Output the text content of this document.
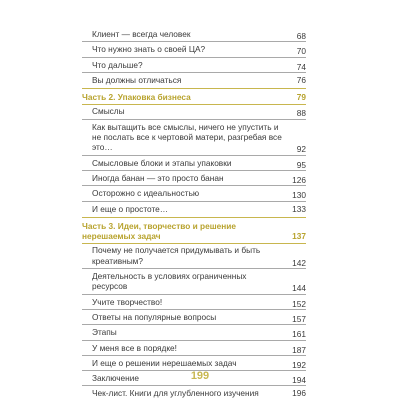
Клиент — всегда человек	68
Что нужно знать о своей ЦА?	70
Что дальше?	74
Вы должны отличаться	76
Часть 2. Упаковка бизнеса	79
Смыслы	88
Как вытащить все смыслы, ничего не упустить и не послать все к чертовой матери, разгребая все это…	92
Смысловые блоки и этапы упаковки	95
Иногда банан — это просто банан	126
Осторожно с идеальностью	130
И еще о простоте…	133
Часть 3. Идеи, творчество и решение нерешаемых задач	137
Почему не получается придумывать и быть креативным?	142
Деятельность в условиях ограниченных ресурсов	144
Учите творчество!	152
Ответы на популярные вопросы	157
Этапы	161
У меня все в порядке!	187
И еще о решении нерешаемых задач	192
Заключение	194
Чек-лист. Книги для углубленного изучения	196
199
